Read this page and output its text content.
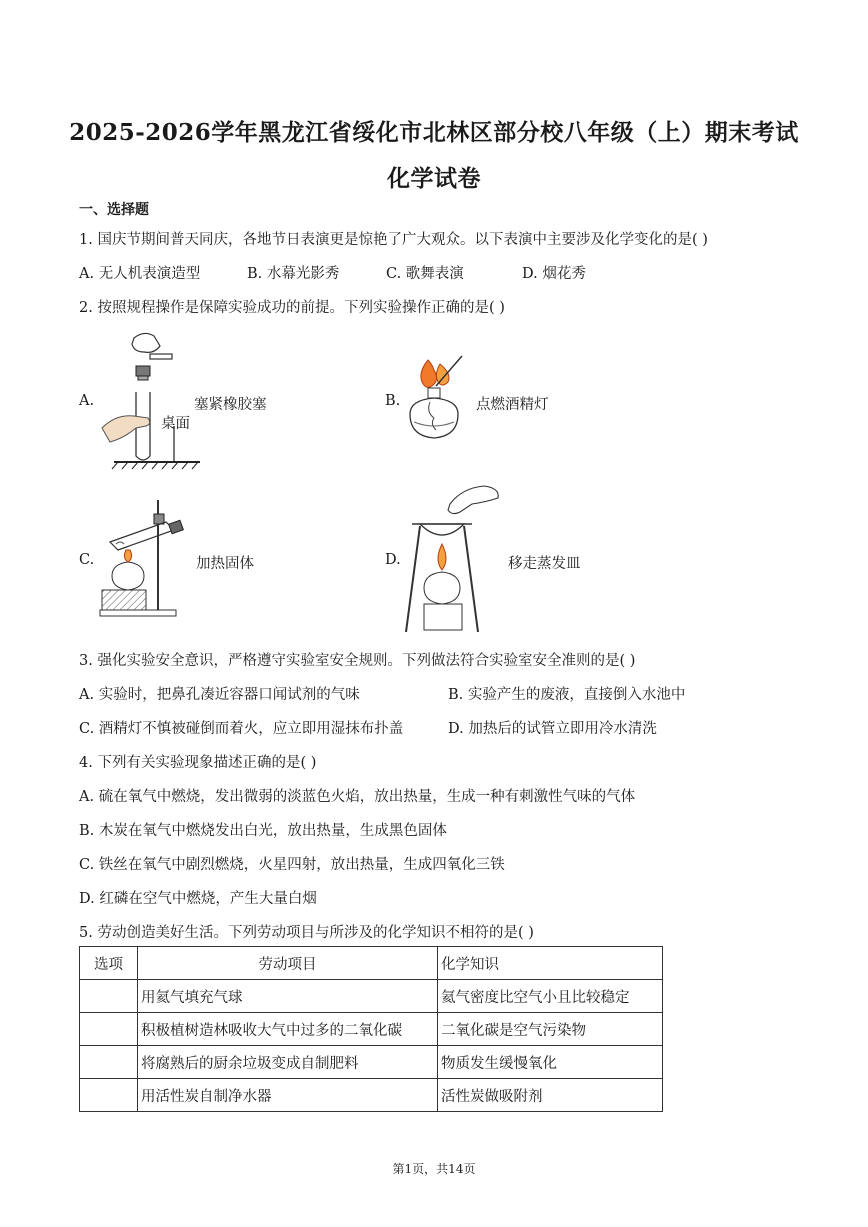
2025-2026学年黑龙江省绥化市北林区部分校八年级（上）期末考试
化学试卷
一、选择题
1. 国庆节期间普天同庆，各地节日表演更是惊艳了广大观众。以下表演中主要涉及化学变化的是( )
A. 无人机表演造型	B. 水幕光影秀	C. 歌舞表演	D. 烟花秀
2. 按照规程操作是保障实验成功的前提。下列实验操作正确的是( )
A.
桌面
塞紧橡胶塞	B.	点燃酒精灯
C.	加热固体	D.	移走蒸发皿
3. 强化实验安全意识，严格遵守实验室安全规则。下列做法符合实验室安全准则的是( )
A. 实验时，把鼻孔凑近容器口闻试剂的气味	B. 实验产生的废液，直接倒入水池中
C. 酒精灯不慎被碰倒而着火，应立即用湿抹布扑盖	D. 加热后的试管立即用冷水清洗
4. 下列有关实验现象描述正确的是( )
A. 硫在氧气中燃烧，发出微弱的淡蓝色火焰，放出热量，生成一种有刺激性气味的气体
B. 木炭在氧气中燃烧发出白光，放出热量，生成黑色固体
C. 铁丝在氧气中剧烈燃烧，火星四射，放出热量，生成四氧化三铁
D. 红磷在空气中燃烧，产生大量白烟
5. 劳动创造美好生活。下列劳动项目与所涉及的化学知识不相符的是( )
选项	劳动项目	化学知识
	用氦气填充气球	氦气密度比空气小且比较稳定
	积极植树造林吸收大气中过多的二氧化碳	二氧化碳是空气污染物
	将腐熟后的厨余垃圾变成自制肥料	物质发生缓慢氧化
	用活性炭自制净水器	活性炭做吸附剂
第1页，共14页
